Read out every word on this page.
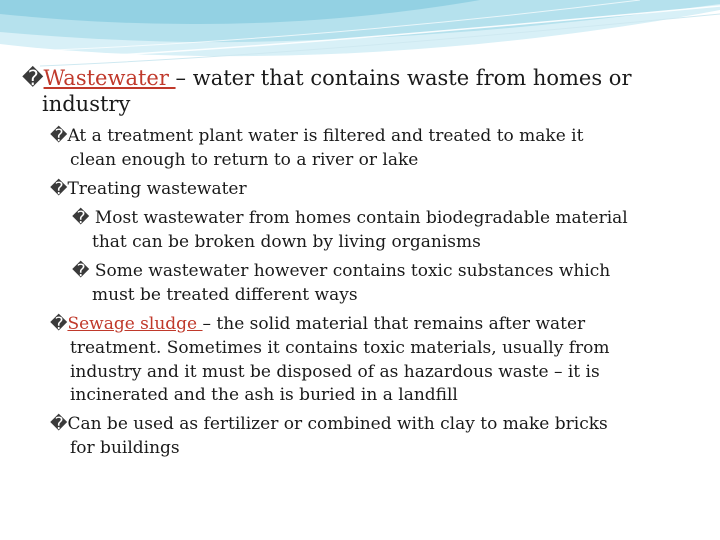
�Wastewater – water that contains waste from homes or
industry
�At a treatment plant water is filtered and treated to make it
clean enough to return to a river or lake
�Treating wastewater
� Most wastewater from homes contain biodegradable material
that can be broken down by living organisms
� Some wastewater however contains toxic substances which
must be treated different ways
�Sewage sludge – the solid material that remains after water
treatment. Sometimes it contains toxic materials, usually from
industry and it must be disposed of as hazardous waste – it is
incinerated and the ash is buried in a landfill
�Can be used as fertilizer or combined with clay to make bricks
for buildings
